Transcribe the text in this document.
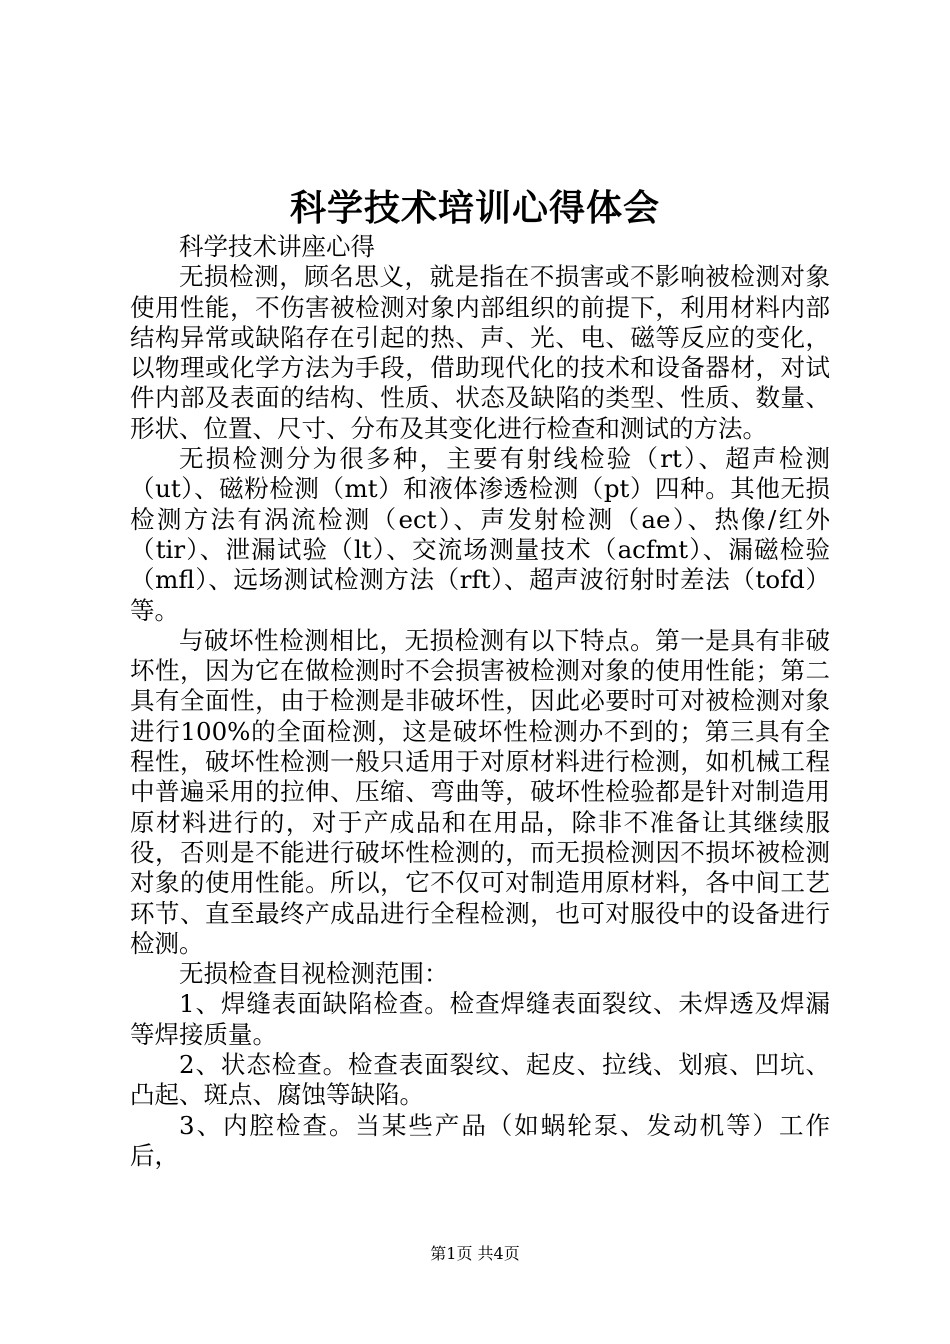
科学技术培训心得体会

科学技术讲座心得

无损检测，顾名思义，就是指在不损害或不影响被检测对象使用性能，不伤害被检测对象内部组织的前提下，利用材料内部结构异常或缺陷存在引起的热、声、光、电、磁等反应的变化，以物理或化学方法为手段，借助现代化的技术和设备器材，对试件内部及表面的结构、性质、状态及缺陷的类型、性质、数量、形状、位置、尺寸、分布及其变化进行检查和测试的方法。

无损检测分为很多种，主要有射线检验（rt）、超声检测（ut）、磁粉检测（mt）和液体渗透检测（pt）四种。其他无损检测方法有涡流检测（ect）、声发射检测（ae）、热像/红外（tir）、泄漏试验（lt）、交流场测量技术（acfmt）、漏磁检验（mfl）、远场测试检测方法（rft）、超声波衍射时差法（tofd）等。

与破坏性检测相比，无损检测有以下特点。第一是具有非破坏性，因为它在做检测时不会损害被检测对象的使用性能；第二具有全面性，由于检测是非破坏性，因此必要时可对被检测对象进行100%的全面检测，这是破坏性检测办不到的；第三具有全程性，破坏性检测一般只适用于对原材料进行检测，如机械工程中普遍采用的拉伸、压缩、弯曲等，破坏性检验都是针对制造用原材料进行的，对于产成品和在用品，除非不准备让其继续服役，否则是不能进行破坏性检测的，而无损检测因不损坏被检测对象的使用性能。所以，它不仅可对制造用原材料，各中间工艺环节、直至最终产成品进行全程检测，也可对服役中的设备进行检测。

无损检查目视检测范围：

1、焊缝表面缺陷检查。检查焊缝表面裂纹、未焊透及焊漏等焊接质量。

2、状态检查。检查表面裂纹、起皮、拉线、划痕、凹坑、凸起、斑点、腐蚀等缺陷。

3、内腔检查。当某些产品（如蜗轮泵、发动机等）工作后，

第1页 共4页
